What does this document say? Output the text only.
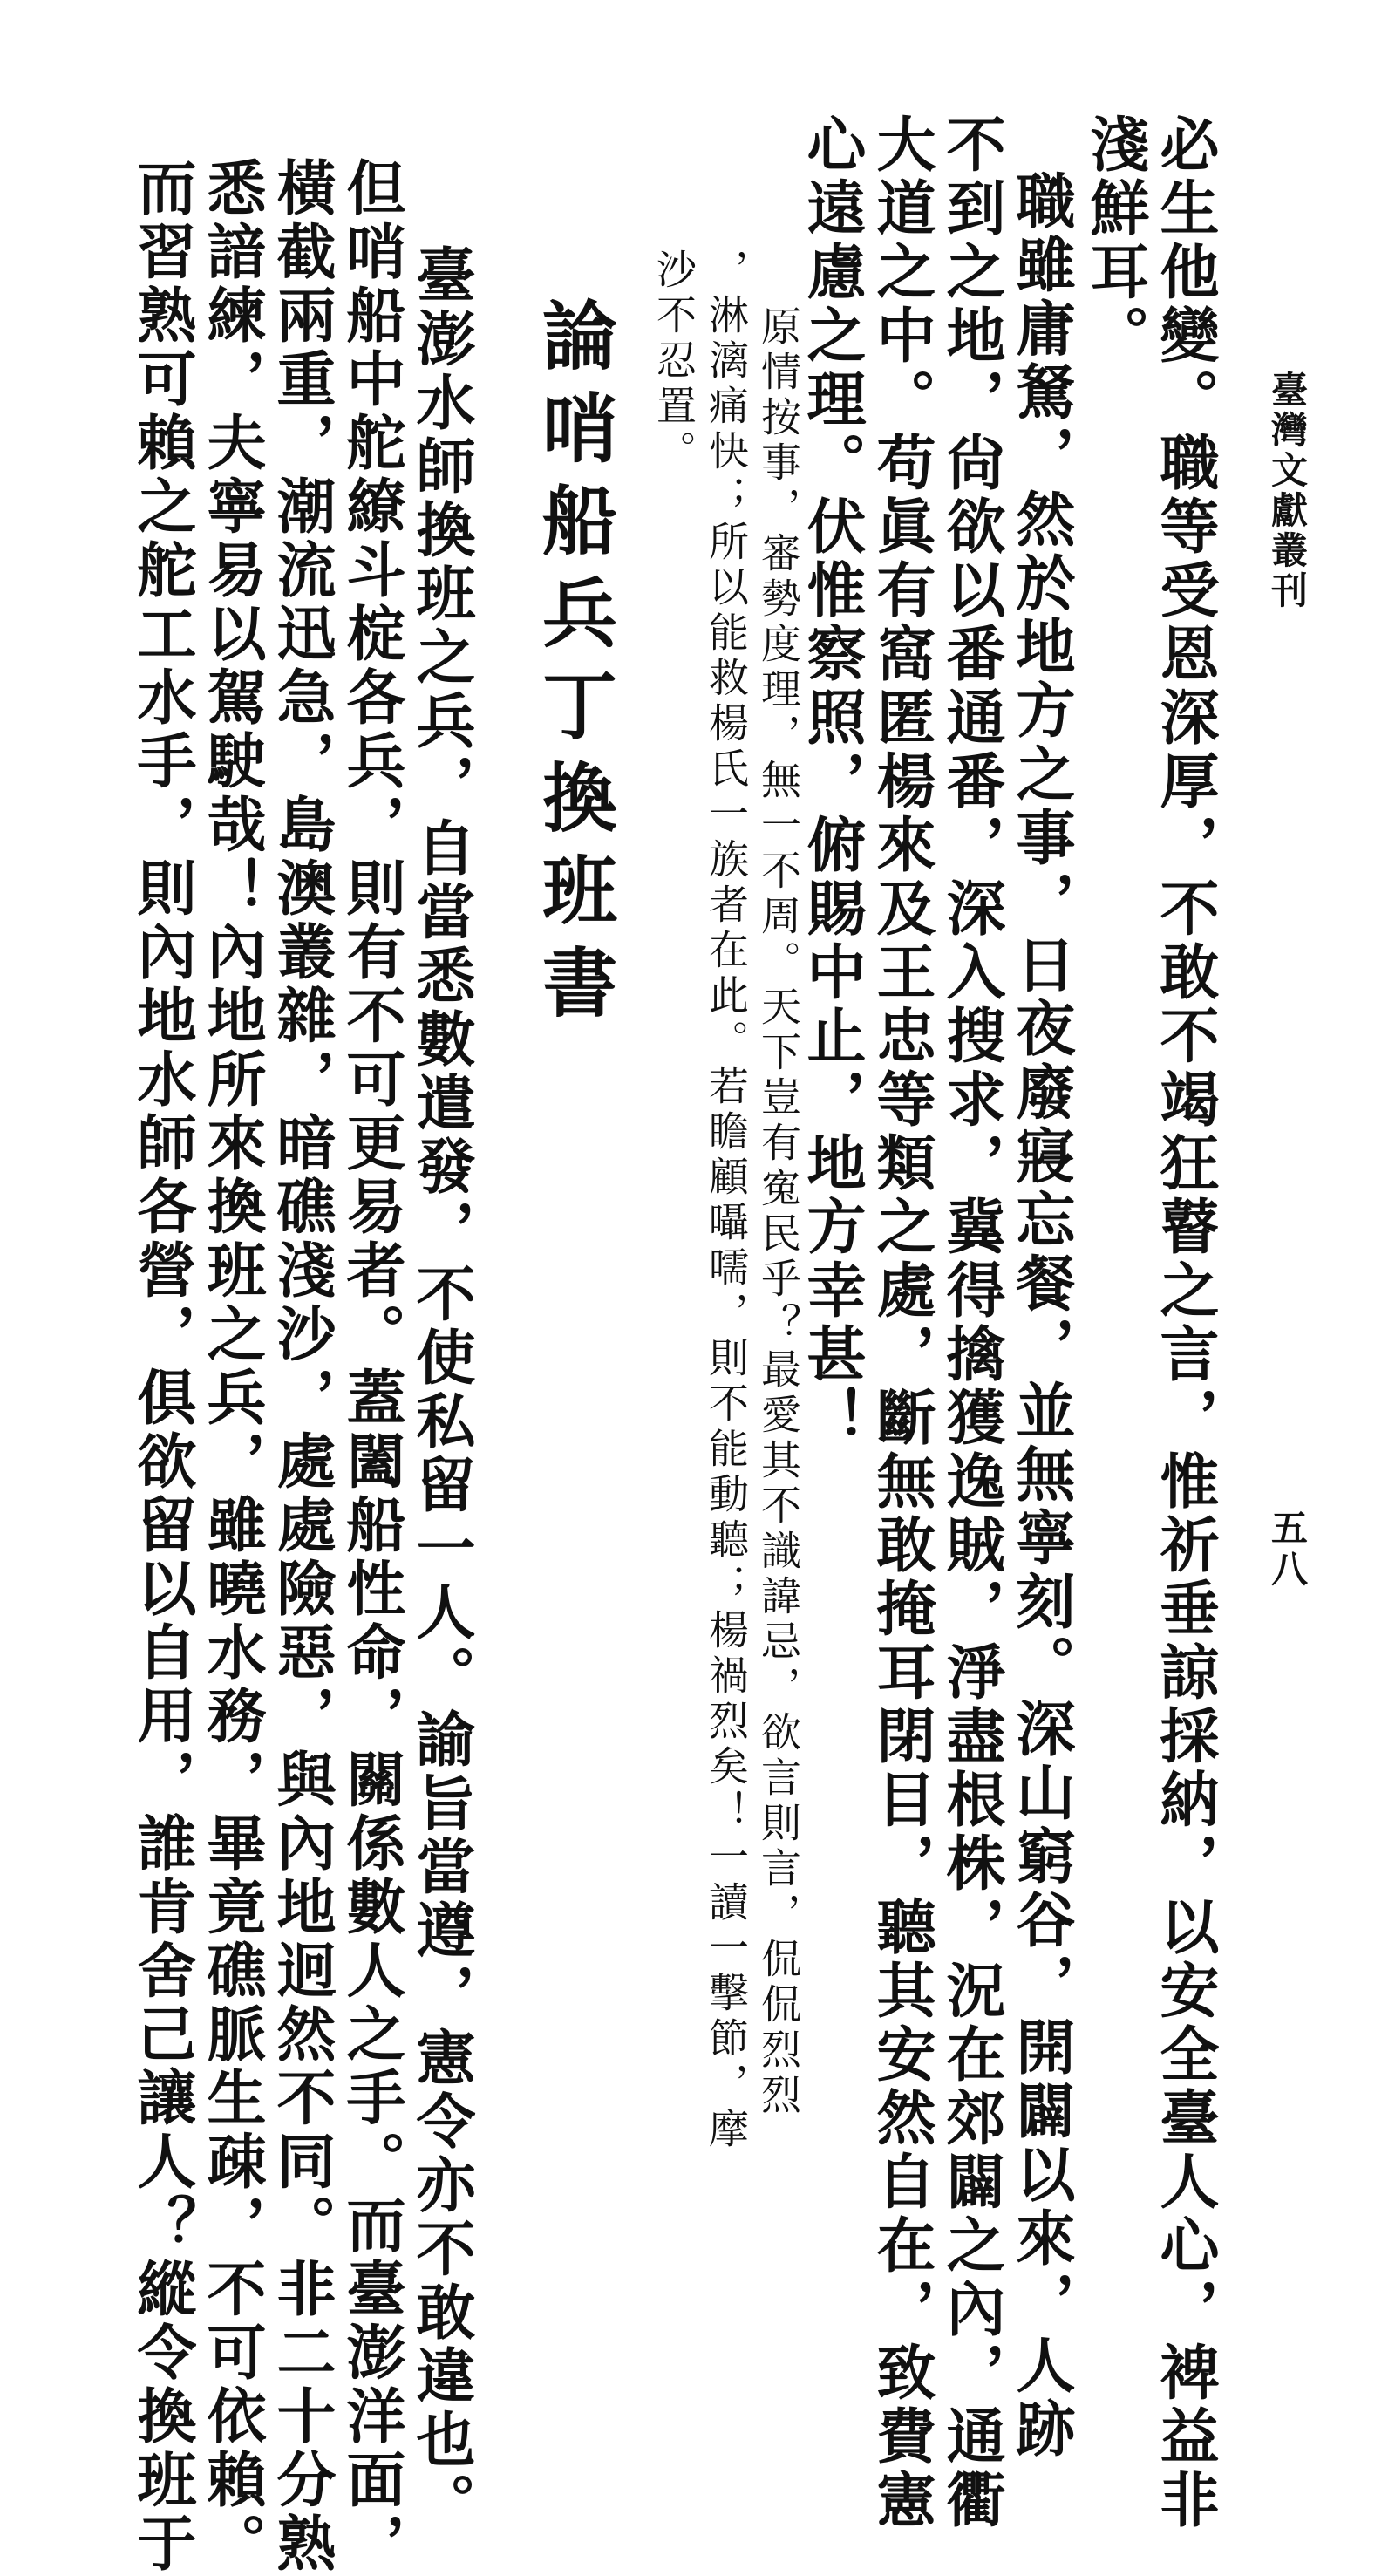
臺灣文獻叢刊
五八
必生他變。職等受恩深厚，不敢不竭狂瞽之言，惟祈垂諒採納，以安全臺人心，裨益非
淺鮮耳。
職雖庸駑，然於地方之事，日夜廢寢忘餐，並無寧刻。深山窮谷，開闢以來，人跡
不到之地，尙欲以番通番，深入搜求，冀得擒獲逸賊，淨盡根株，況在郊闢之內，通衢
大道之中。苟眞有窩匿楊來及王忠等類之處，斷無敢掩耳閉目，聽其安然自在，致費憲
心遠慮之理。伏惟察照，俯賜中止，地方幸甚！
原情按事，審勢度理，無一不周。天下豈有寃民乎？最愛其不識諱忌，欲言則言，侃侃烈烈
，淋漓痛快；所以能救楊氏一族者在此。若瞻顧囁嚅，則不能動聽；楊禍烈矣！一讀一擊節，摩
沙不忍置。
論哨船兵丁換班書
臺澎水師換班之兵，自當悉數遣發，不使私留一人。諭旨當遵，憲令亦不敢違也。
但哨船中舵繚斗椗各兵，則有不可更易者。蓋闔船性命，關係數人之手。而臺澎洋面，
橫截兩重，潮流迅急，島澳叢雜，暗礁淺沙，處處險惡，與內地迥然不同。非二十分熟
悉諳練，夫寧易以駕駛哉！內地所來換班之兵，雖曉水務，畢竟礁脈生疎，不可依賴。
而習熟可賴之舵工水手，則內地水師各營，俱欲留以自用，誰肯舍己讓人？縱令換班于
